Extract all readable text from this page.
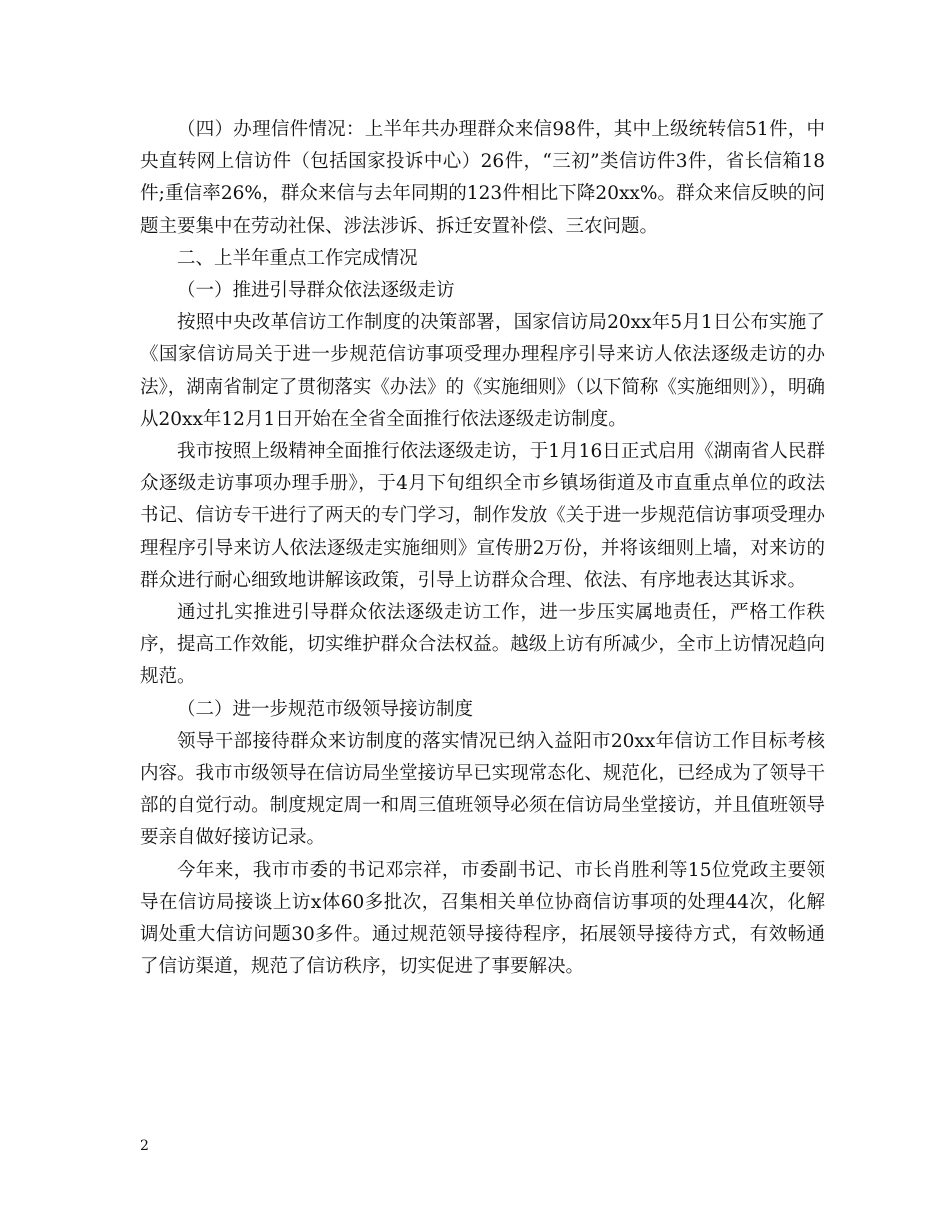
（四）办理信件情况：上半年共办理群众来信98件，其中上级统转信51件，中央直转网上信访件（包括国家投诉中心）26件，“三初”类信访件3件，省长信箱18件;重信率26%，群众来信与去年同期的123件相比下降20xx%。群众来信反映的问题主要集中在劳动社保、涉法涉诉、拆迁安置补偿、三农问题。

二、上半年重点工作完成情况

（一）推进引导群众依法逐级走访

按照中央改革信访工作制度的决策部署，国家信访局20xx年5月1日公布实施了《国家信访局关于进一步规范信访事项受理办理程序引导来访人依法逐级走访的办法》，湖南省制定了贯彻落实《办法》的《实施细则》（以下简称《实施细则》），明确从20xx年12月1日开始在全省全面推行依法逐级走访制度。

我市按照上级精神全面推行依法逐级走访，于1月16日正式启用《湖南省人民群众逐级走访事项办理手册》，于4月下旬组织全市乡镇场街道及市直重点单位的政法书记、信访专干进行了两天的专门学习，制作发放《关于进一步规范信访事项受理办理程序引导来访人依法逐级走实施细则》宣传册2万份，并将该细则上墙，对来访的群众进行耐心细致地讲解该政策，引导上访群众合理、依法、有序地表达其诉求。

通过扎实推进引导群众依法逐级走访工作，进一步压实属地责任，严格工作秩序，提高工作效能，切实维护群众合法权益。越级上访有所减少，全市上访情况趋向规范。

（二）进一步规范市级领导接访制度

领导干部接待群众来访制度的落实情况已纳入益阳市20xx年信访工作目标考核内容。我市市级领导在信访局坐堂接访早已实现常态化、规范化，已经成为了领导干部的自觉行动。制度规定周一和周三值班领导必须在信访局坐堂接访，并且值班领导要亲自做好接访记录。

今年来，我市市委的书记邓宗祥，市委副书记、市长肖胜利等15位党政主要领导在信访局接谈上访x体60多批次，召集相关单位协商信访事项的处理44次，化解调处重大信访问题30多件。通过规范领导接待程序，拓展领导接待方式，有效畅通了信访渠道，规范了信访秩序，切实促进了事要解决。

2
